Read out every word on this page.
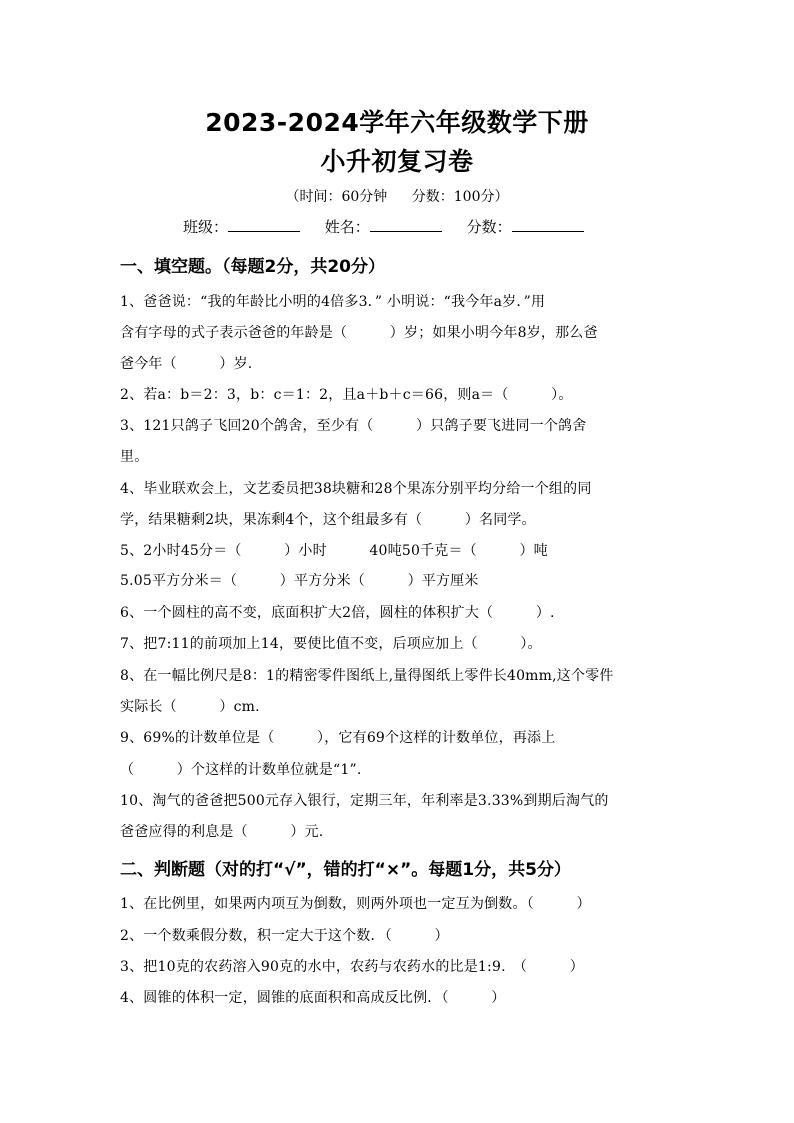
2023-2024学年六年级数学下册
小升初复习卷
（时间：60分钟 分数：100分）
班级：	姓名：	分数：
一、填空题。（每题2分，共20分）
1、爸爸说：“我的年龄比小明的4倍多3．” 小明说：“我今年a岁．”用
含有字母的式子表示爸爸的年龄是（　　　）岁；如果小明今年8岁，那么爸
爸今年（　　　）岁.
2、若a：b＝2：3，b：c＝1：2，且a＋b＋c＝66，则a＝（　　　）。
3、121只鸽子飞回20个鸽舍，至少有（　　　）只鸽子要飞进同一个鸽舍
里。
4、毕业联欢会上，文艺委员把38块糖和28个果冻分别平均分给一个组的同
学，结果糖剩2块，果冻剩4个，这个组最多有（　　　）名同学。
5、2小时45分＝（　　　）小时　　　40吨50千克＝（　　　）吨
5.05平方分米＝（　　　）平方分米（　　　）平方厘米
6、一个圆柱的高不变，底面积扩大2倍，圆柱的体积扩大（　　　）.
7、把7:11的前项加上14，要使比值不变，后项应加上（　　　）。
8、在一幅比例尺是8：1的精密零件图纸上,量得图纸上零件长40mm,这个零件
实际长（　　　）cm.
9、69%的计数单位是（　　　），它有69个这样的计数单位，再添上
（　　　）个这样的计数单位就是“1”.
10、淘气的爸爸把500元存入银行，定期三年，年利率是3.33%到期后淘气的
爸爸应得的利息是（　　　）元.
二、判断题（对的打“√”，错的打“×”。每题1分，共5分）
1、在比例里，如果两内项互为倒数，则两外项也一定互为倒数。（　　　）
2、一个数乘假分数，积一定大于这个数．（　　　）
3、把10克的农药溶入90克的水中，农药与农药水的比是1:9.　（　　　）
4、圆锥的体积一定，圆锥的底面积和高成反比例．（　　　）
